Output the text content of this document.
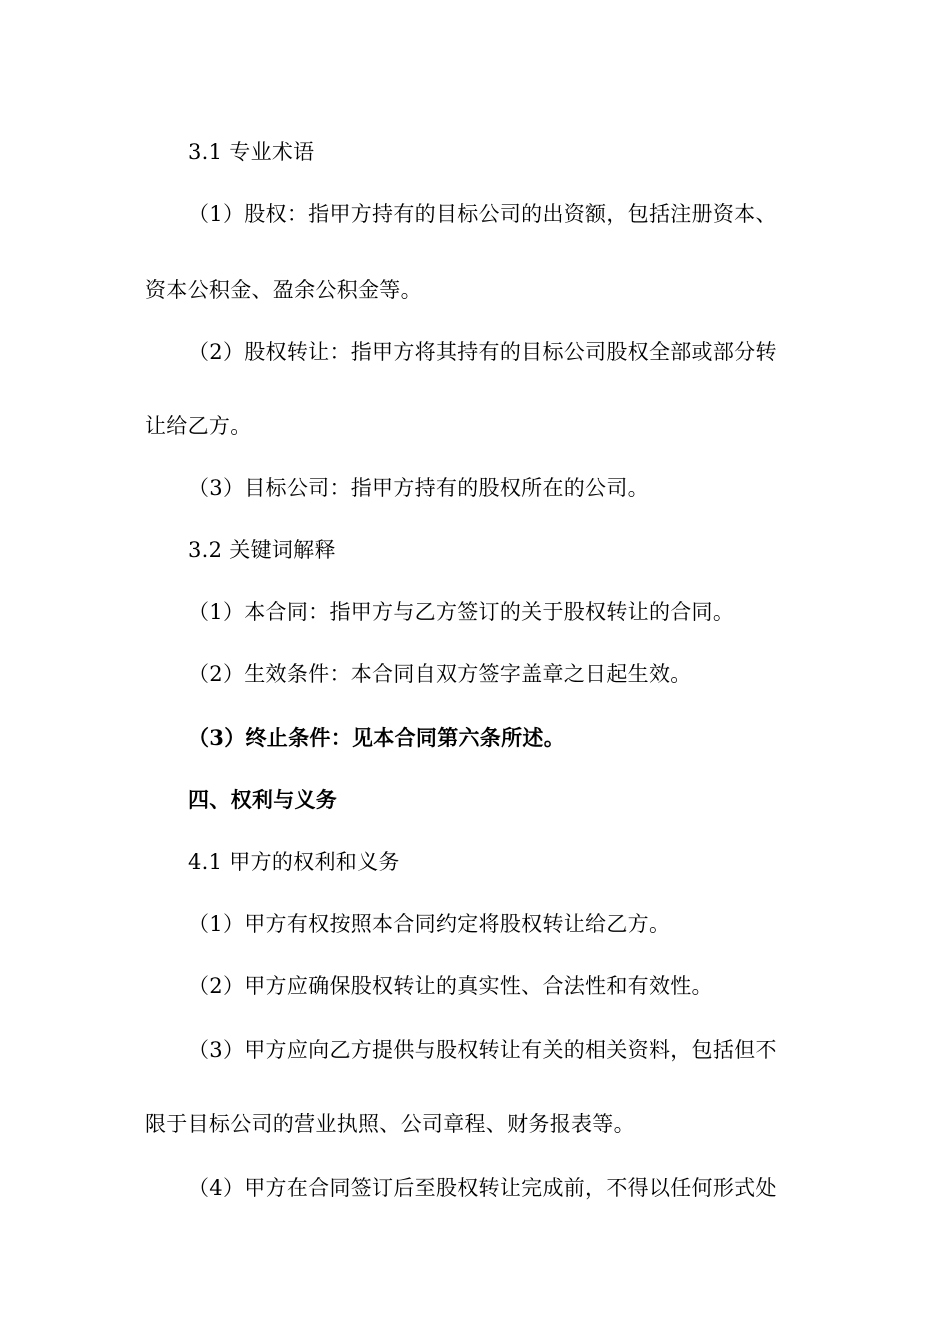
3.1 专业术语
（1）股权：指甲方持有的目标公司的出资额，包括注册资本、
资本公积金、盈余公积金等。
（2）股权转让：指甲方将其持有的目标公司股权全部或部分转
让给乙方。
（3）目标公司：指甲方持有的股权所在的公司。
3.2 关键词解释
（1）本合同：指甲方与乙方签订的关于股权转让的合同。
（2）生效条件：本合同自双方签字盖章之日起生效。
（3）终止条件：见本合同第六条所述。
四、权利与义务
4.1 甲方的权利和义务
（1）甲方有权按照本合同约定将股权转让给乙方。
（2）甲方应确保股权转让的真实性、合法性和有效性。
（3）甲方应向乙方提供与股权转让有关的相关资料，包括但不
限于目标公司的营业执照、公司章程、财务报表等。
（4）甲方在合同签订后至股权转让完成前，不得以任何形式处
